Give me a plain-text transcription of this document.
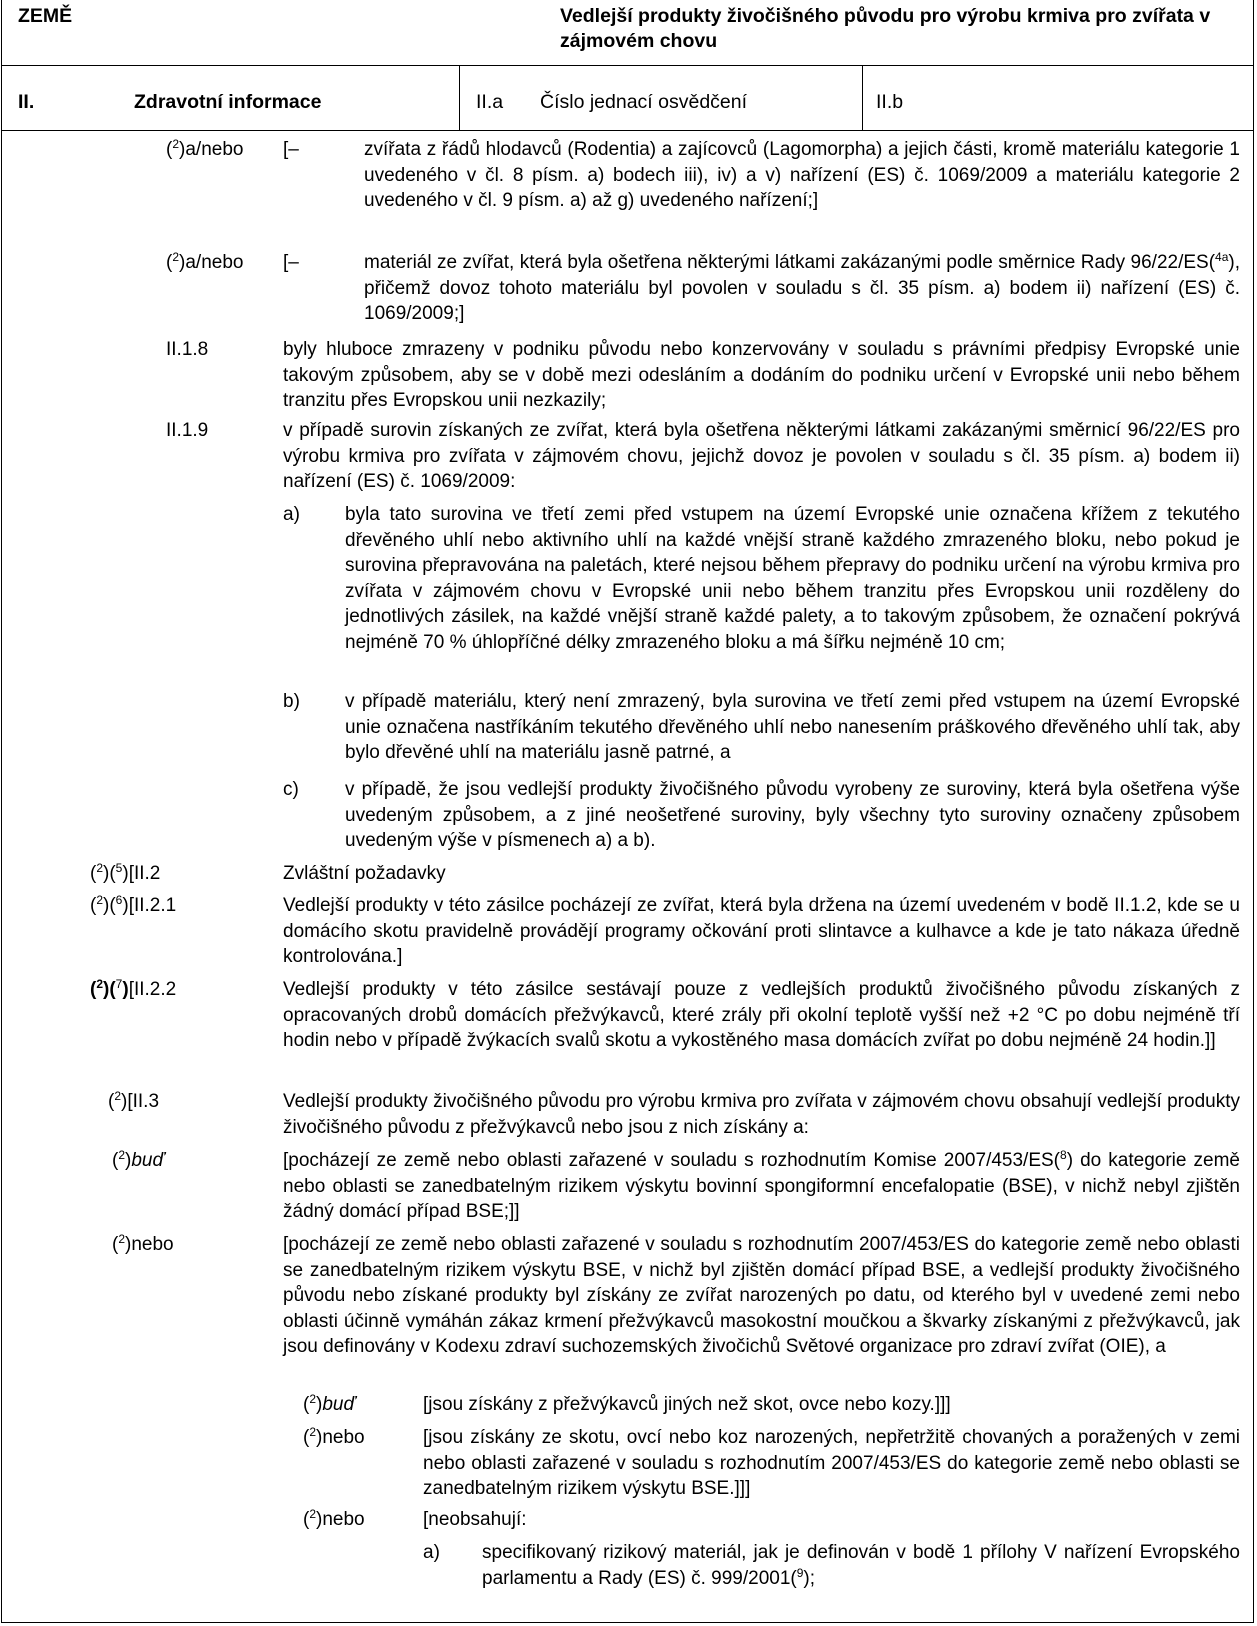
ZEMĚ	Vedlejší produkty živočišného původu pro výrobu krmiva pro zvířata v zájmovém chovu
II.	Zdravotní informace	II.a Číslo jednací osvědčení	II.b
($^2$)a/nebo [–	zvířata z řádů hlodavců (Rodentia) a zajícovců (Lagomorpha) a jejich části, kromě materiálu kategorie 1 uvedeného v čl. 8 písm. a) bodech iii), iv) a v) nařízení (ES) č. 1069/2009 a materiálu kategorie 2 uvedeného v čl. 9 písm. a) až g) uvedeného nařízení;]
($^2$)a/nebo [–	materiál ze zvířat, která byla ošetřena některými látkami zakázanými podle směrnice Rady 96/22/ES($^{4a}$), přičemž dovoz tohoto materiálu byl povolen v souladu s čl. 35 písm. a) bodem ii) nařízení (ES) č. 1069/2009;]
II.1.8	byly hluboce zmrazeny v podniku původu nebo konzervovány v souladu s právními předpisy Evropské unie takovým způsobem, aby se v době mezi odesláním a dodáním do podniku určení v Evropské unii nebo během tranzitu přes Evropskou unii nezkazily;
II.1.9	v případě surovin získaných ze zvířat, která byla ošetřena některými látkami zakázanými směrnicí 96/22/ES pro výrobu krmiva pro zvířata v zájmovém chovu, jejichž dovoz je povolen v souladu s čl. 35 písm. a) bodem ii) nařízení (ES) č. 1069/2009:
a) byla tato surovina ve třetí zemi před vstupem na území Evropské unie označena křížem z tekutého dřevěného uhlí nebo aktivního uhlí na každé vnější straně každého zmrazeného bloku, nebo pokud je surovina přepravována na paletách, které nejsou během přepravy do podniku určení na výrobu krmiva pro zvířata v zájmovém chovu v Evropské unii nebo během tranzitu přes Evropskou unii rozděleny do jednotlivých zásilek, na každé vnější straně každé palety, a to takovým způsobem, že označení pokrývá nejméně 70 % úhlopříčné délky zmrazeného bloku a má šířku nejméně 10 cm;
b) v případě materiálu, který není zmrazený, byla surovina ve třetí zemi před vstupem na území Evropské unie označena nastříkáním tekutého dřevěného uhlí nebo nanesením práškového dřevěného uhlí tak, aby bylo dřevěné uhlí na materiálu jasně patrné, a
c) v případě, že jsou vedlejší produkty živočišného původu vyrobeny ze suroviny, která byla ošetřena výše uvedeným způsobem, a z jiné neošetřené suroviny, byly všechny tyto suroviny označeny způsobem uvedeným výše v písmenech a) a b).
($^2$)($^5$)[II.2	Zvláštní požadavky
($^2$)($^6$)[II.2.1	Vedlejší produkty v této zásilce pocházejí ze zvířat, která byla držena na území uvedeném v bodě II.1.2, kde se u domácího skotu pravidelně provádějí programy očkování proti slintavce a kulhavce a kde je tato nákaza úředně kontrolována.]
($^2$)($^7$)[II.2.2	Vedlejší produkty v této zásilce sestávají pouze z vedlejších produktů živočišného původu získaných z opracovaných drobů domácích přežvýkavců, které zrály při okolní teplotě vyšší než +2 °C po dobu nejméně tří hodin nebo v případě žvýkacích svalů skotu a vykostěného masa domácích zvířat po dobu nejméně 24 hodin.]]
($^2$)[II.3	Vedlejší produkty živočišného původu pro výrobu krmiva pro zvířata v zájmovém chovu obsahují vedlejší produkty živočišného původu z přežvýkavců nebo jsou z nich získány a:
($^2$)buď	[pocházejí ze země nebo oblasti zařazené v souladu s rozhodnutím Komise 2007/453/ES($^8$) do kategorie země nebo oblasti se zanedbatelným rizikem výskytu bovinní spongiformní encefalopatie (BSE), v nichž nebyl zjištěn žádný domácí případ BSE;]]
($^2$)nebo	[pocházejí ze země nebo oblasti zařazené v souladu s rozhodnutím 2007/453/ES do kategorie země nebo oblasti se zanedbatelným rizikem výskytu BSE, v nichž byl zjištěn domácí případ BSE, a vedlejší produkty živočišného původu nebo získané produkty byl získány ze zvířat narozených po datu, od kterého byl v uvedené zemi nebo oblasti účinně vymáhán zákaz krmení přežvýkavců masokostní moučkou a škvarky získanými z přežvýkavců, jak jsou definovány v Kodexu zdraví suchozemských živočichů Světové organizace pro zdraví zvířat (OIE), a
($^2$)buď	[jsou získány z přežvýkavců jiných než skot, ovce nebo kozy.]]]
($^2$)nebo	[jsou získány ze skotu, ovcí nebo koz narozených, nepřetržitě chovaných a poražených v zemi nebo oblasti zařazené v souladu s rozhodnutím 2007/453/ES do kategorie země nebo oblasti se zanedbatelným rizikem výskytu BSE.]]]
($^2$)nebo	[neobsahují:
a) specifikovaný rizikový materiál, jak je definován v bodě 1 přílohy V nařízení Evropského parlamentu a Rady (ES) č. 999/2001($^9$);
